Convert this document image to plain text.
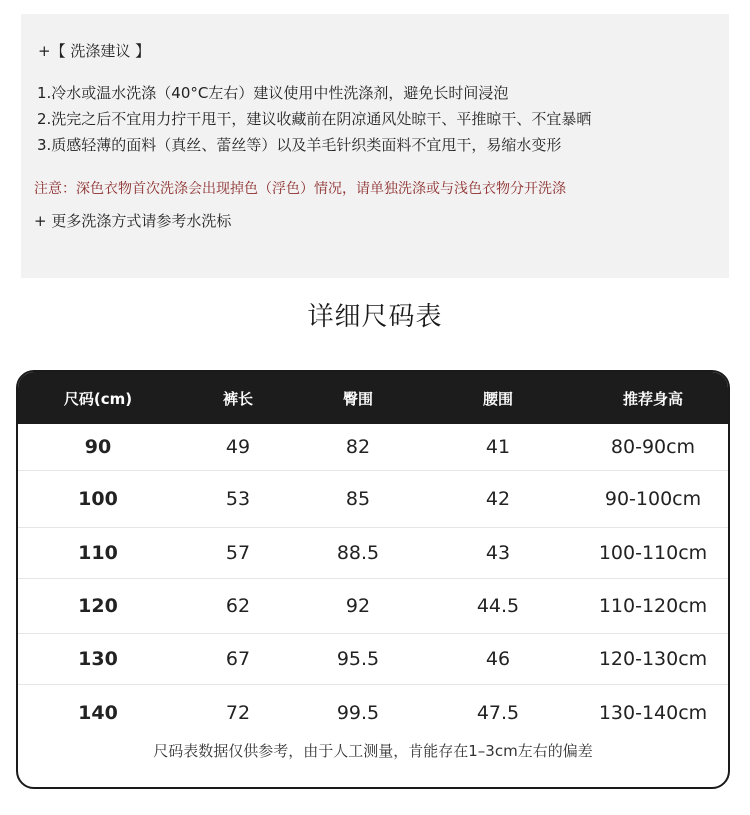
+【 洗涤建议 】
1.冷水或温水洗涤（40°C左右）建议使用中性洗涤剂，避免长时间浸泡
2.洗完之后不宜用力拧干甩干，建议收藏前在阴凉通风处晾干、平推晾干、不宜暴晒
3.质感轻薄的面料（真丝、蕾丝等）以及羊毛针织类面料不宜甩干，易缩水变形
注意：深色衣物首次洗涤会出现掉色（浮色）情况，请单独洗涤或与浅色衣物分开洗涤
+ 更多洗涤方式请参考水洗标
详细尺码表
尺码(cm)	裤长	臀围	腰围	推荐身高
90	49	82	41	80-90cm
100	53	85	42	90-100cm
110	57	88.5	43	100-110cm
120	62	92	44.5	110-120cm
130	67	95.5	46	120-130cm
140	72	99.5	47.5	130-140cm
尺码表数据仅供参考，由于人工测量，肯能存在1–3cm左右的偏差
